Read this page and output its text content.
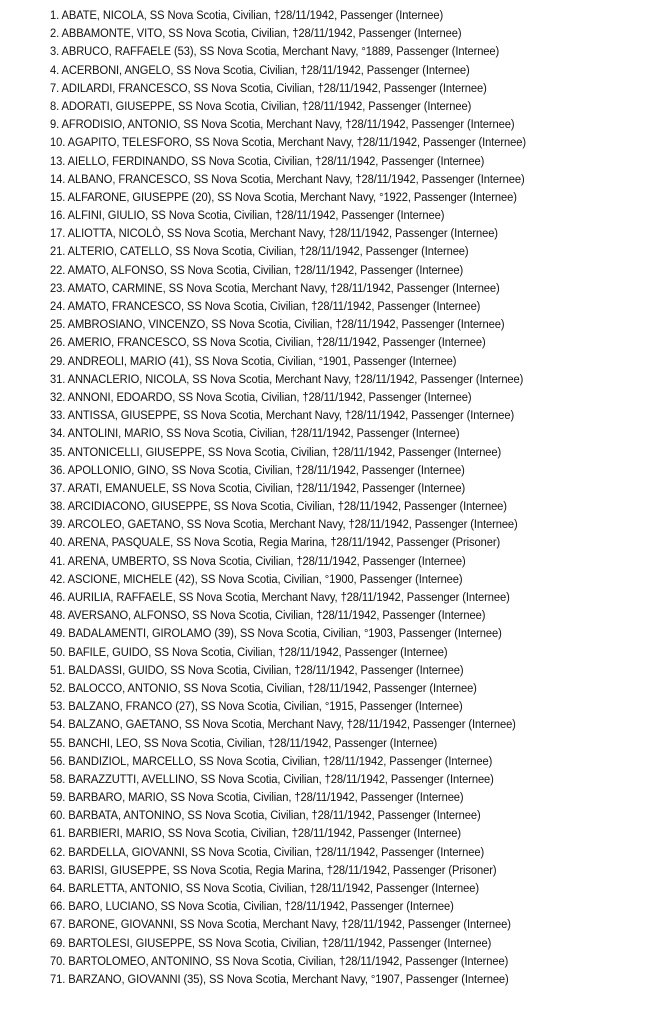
1. ABATE, NICOLA, SS Nova Scotia, Civilian, †28/11/1942, Passenger (Internee)
2. ABBAMONTE, VITO, SS Nova Scotia, Civilian, †28/11/1942, Passenger (Internee)
3. ABRUCO, RAFFAELE (53), SS Nova Scotia, Merchant Navy, °1889, Passenger (Internee)
4. ACERBONI, ANGELO, SS Nova Scotia, Civilian, †28/11/1942, Passenger (Internee)
7. ADILARDI, FRANCESCO, SS Nova Scotia, Civilian, †28/11/1942, Passenger (Internee)
8. ADORATI, GIUSEPPE, SS Nova Scotia, Civilian, †28/11/1942, Passenger (Internee)
9. AFRODISIO, ANTONIO, SS Nova Scotia, Merchant Navy, †28/11/1942, Passenger (Internee)
10. AGAPITO, TELESFORO, SS Nova Scotia, Merchant Navy, †28/11/1942, Passenger (Internee)
13. AIELLO, FERDINANDO, SS Nova Scotia, Civilian, †28/11/1942, Passenger (Internee)
14. ALBANO, FRANCESCO, SS Nova Scotia, Merchant Navy, †28/11/1942, Passenger (Internee)
15. ALFARONE, GIUSEPPE (20), SS Nova Scotia, Merchant Navy, °1922, Passenger (Internee)
16. ALFINI, GIULIO, SS Nova Scotia, Civilian, †28/11/1942, Passenger (Internee)
17. ALIOTTA, NICOLÒ, SS Nova Scotia, Merchant Navy, †28/11/1942, Passenger (Internee)
21. ALTERIO, CATELLO, SS Nova Scotia, Civilian, †28/11/1942, Passenger (Internee)
22. AMATO, ALFONSO, SS Nova Scotia, Civilian, †28/11/1942, Passenger (Internee)
23. AMATO, CARMINE, SS Nova Scotia, Merchant Navy, †28/11/1942, Passenger (Internee)
24. AMATO, FRANCESCO, SS Nova Scotia, Civilian, †28/11/1942, Passenger (Internee)
25. AMBROSIANO, VINCENZO, SS Nova Scotia, Civilian, †28/11/1942, Passenger (Internee)
26. AMERIO, FRANCESCO, SS Nova Scotia, Civilian, †28/11/1942, Passenger (Internee)
29. ANDREOLI, MARIO (41), SS Nova Scotia, Civilian, °1901, Passenger (Internee)
31. ANNACLERIO, NICOLA, SS Nova Scotia, Merchant Navy, †28/11/1942, Passenger (Internee)
32. ANNONI, EDOARDO, SS Nova Scotia, Civilian, †28/11/1942, Passenger (Internee)
33. ANTISSA, GIUSEPPE, SS Nova Scotia, Merchant Navy, †28/11/1942, Passenger (Internee)
34. ANTOLINI, MARIO, SS Nova Scotia, Civilian, †28/11/1942, Passenger (Internee)
35. ANTONICELLI, GIUSEPPE, SS Nova Scotia, Civilian, †28/11/1942, Passenger (Internee)
36. APOLLONIO, GINO, SS Nova Scotia, Civilian, †28/11/1942, Passenger (Internee)
37. ARATI, EMANUELE, SS Nova Scotia, Civilian, †28/11/1942, Passenger (Internee)
38. ARCIDIACONO, GIUSEPPE, SS Nova Scotia, Civilian, †28/11/1942, Passenger (Internee)
39. ARCOLEO, GAETANO, SS Nova Scotia, Merchant Navy, †28/11/1942, Passenger (Internee)
40. ARENA, PASQUALE, SS Nova Scotia, Regia Marina, †28/11/1942, Passenger (Prisoner)
41. ARENA, UMBERTO, SS Nova Scotia, Civilian, †28/11/1942, Passenger (Internee)
42. ASCIONE, MICHELE (42), SS Nova Scotia, Civilian, °1900, Passenger (Internee)
46. AURILIA, RAFFAELE, SS Nova Scotia, Merchant Navy, †28/11/1942, Passenger (Internee)
48. AVERSANO, ALFONSO, SS Nova Scotia, Civilian, †28/11/1942, Passenger (Internee)
49. BADALAMENTI, GIROLAMO (39), SS Nova Scotia, Civilian, °1903, Passenger (Internee)
50. BAFILE, GUIDO, SS Nova Scotia, Civilian, †28/11/1942, Passenger (Internee)
51. BALDASSI, GUIDO, SS Nova Scotia, Civilian, †28/11/1942, Passenger (Internee)
52. BALOCCO, ANTONIO, SS Nova Scotia, Civilian, †28/11/1942, Passenger (Internee)
53. BALZANO, FRANCO (27), SS Nova Scotia, Civilian, °1915, Passenger (Internee)
54. BALZANO, GAETANO, SS Nova Scotia, Merchant Navy, †28/11/1942, Passenger (Internee)
55. BANCHI, LEO, SS Nova Scotia, Civilian, †28/11/1942, Passenger (Internee)
56. BANDIZIOL, MARCELLO, SS Nova Scotia, Civilian, †28/11/1942, Passenger (Internee)
58. BARAZZUTTI, AVELLINO, SS Nova Scotia, Civilian, †28/11/1942, Passenger (Internee)
59. BARBARO, MARIO, SS Nova Scotia, Civilian, †28/11/1942, Passenger (Internee)
60. BARBATA, ANTONINO, SS Nova Scotia, Civilian, †28/11/1942, Passenger (Internee)
61. BARBIERI, MARIO, SS Nova Scotia, Civilian, †28/11/1942, Passenger (Internee)
62. BARDELLA, GIOVANNI, SS Nova Scotia, Civilian, †28/11/1942, Passenger (Internee)
63. BARISI, GIUSEPPE, SS Nova Scotia, Regia Marina, †28/11/1942, Passenger (Prisoner)
64. BARLETTA, ANTONIO, SS Nova Scotia, Civilian, †28/11/1942, Passenger (Internee)
66. BARO, LUCIANO, SS Nova Scotia, Civilian, †28/11/1942, Passenger (Internee)
67. BARONE, GIOVANNI, SS Nova Scotia, Merchant Navy, †28/11/1942, Passenger (Internee)
69. BARTOLESI, GIUSEPPE, SS Nova Scotia, Civilian, †28/11/1942, Passenger (Internee)
70. BARTOLOMEO, ANTONINO, SS Nova Scotia, Civilian, †28/11/1942, Passenger (Internee)
71. BARZANO, GIOVANNI (35), SS Nova Scotia, Merchant Navy, °1907, Passenger (Internee)
